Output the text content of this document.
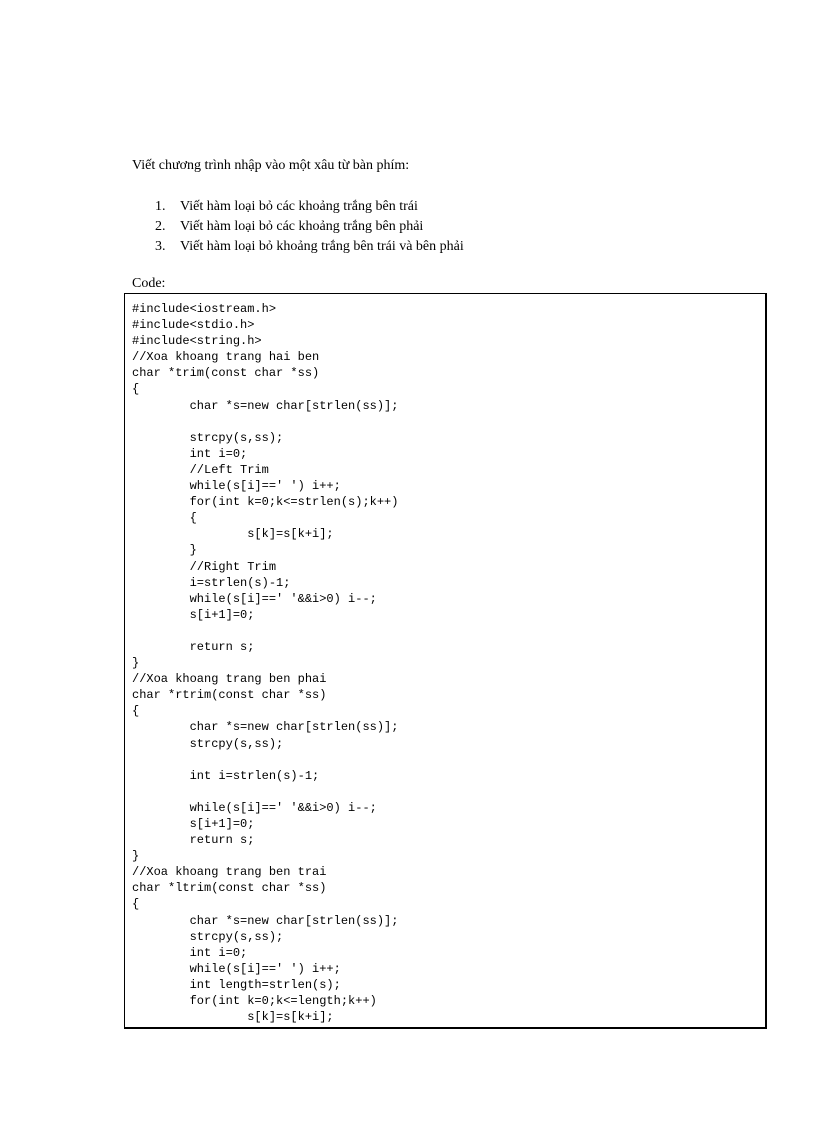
Viết chương trình nhập vào một xâu từ bàn phím:

1. Viết hàm loại bỏ các khoảng trắng bên trái
2. Viết hàm loại bỏ các khoảng trắng bên phải
3. Viết hàm loại bỏ khoảng trắng bên trái và bên phải

Code:

#include<iostream.h>
#include<stdio.h>
#include<string.h>
//Xoa khoang trang hai ben
char *trim(const char *ss)
{
char *s=new char[strlen(ss)];
strcpy(s,ss);
int i=0;
//Left Trim
while(s[i]==' ') i++;
for(int k=0;k<=strlen(s);k++)
{
s[k]=s[k+i];
}
//Right Trim
i=strlen(s)-1;
while(s[i]==' '&&i>0) i--;
s[i+1]=0;
return s;
}
//Xoa khoang trang ben phai
char *rtrim(const char *ss)
{
char *s=new char[strlen(ss)];
strcpy(s,ss);
int i=strlen(s)-1;
while(s[i]==' '&&i>0) i--;
s[i+1]=0;
return s;
}
//Xoa khoang trang ben trai
char *ltrim(const char *ss)
{
char *s=new char[strlen(ss)];
strcpy(s,ss);
int i=0;
while(s[i]==' ') i++;
int length=strlen(s);
for(int k=0;k<=length;k++)
s[k]=s[k+i];
